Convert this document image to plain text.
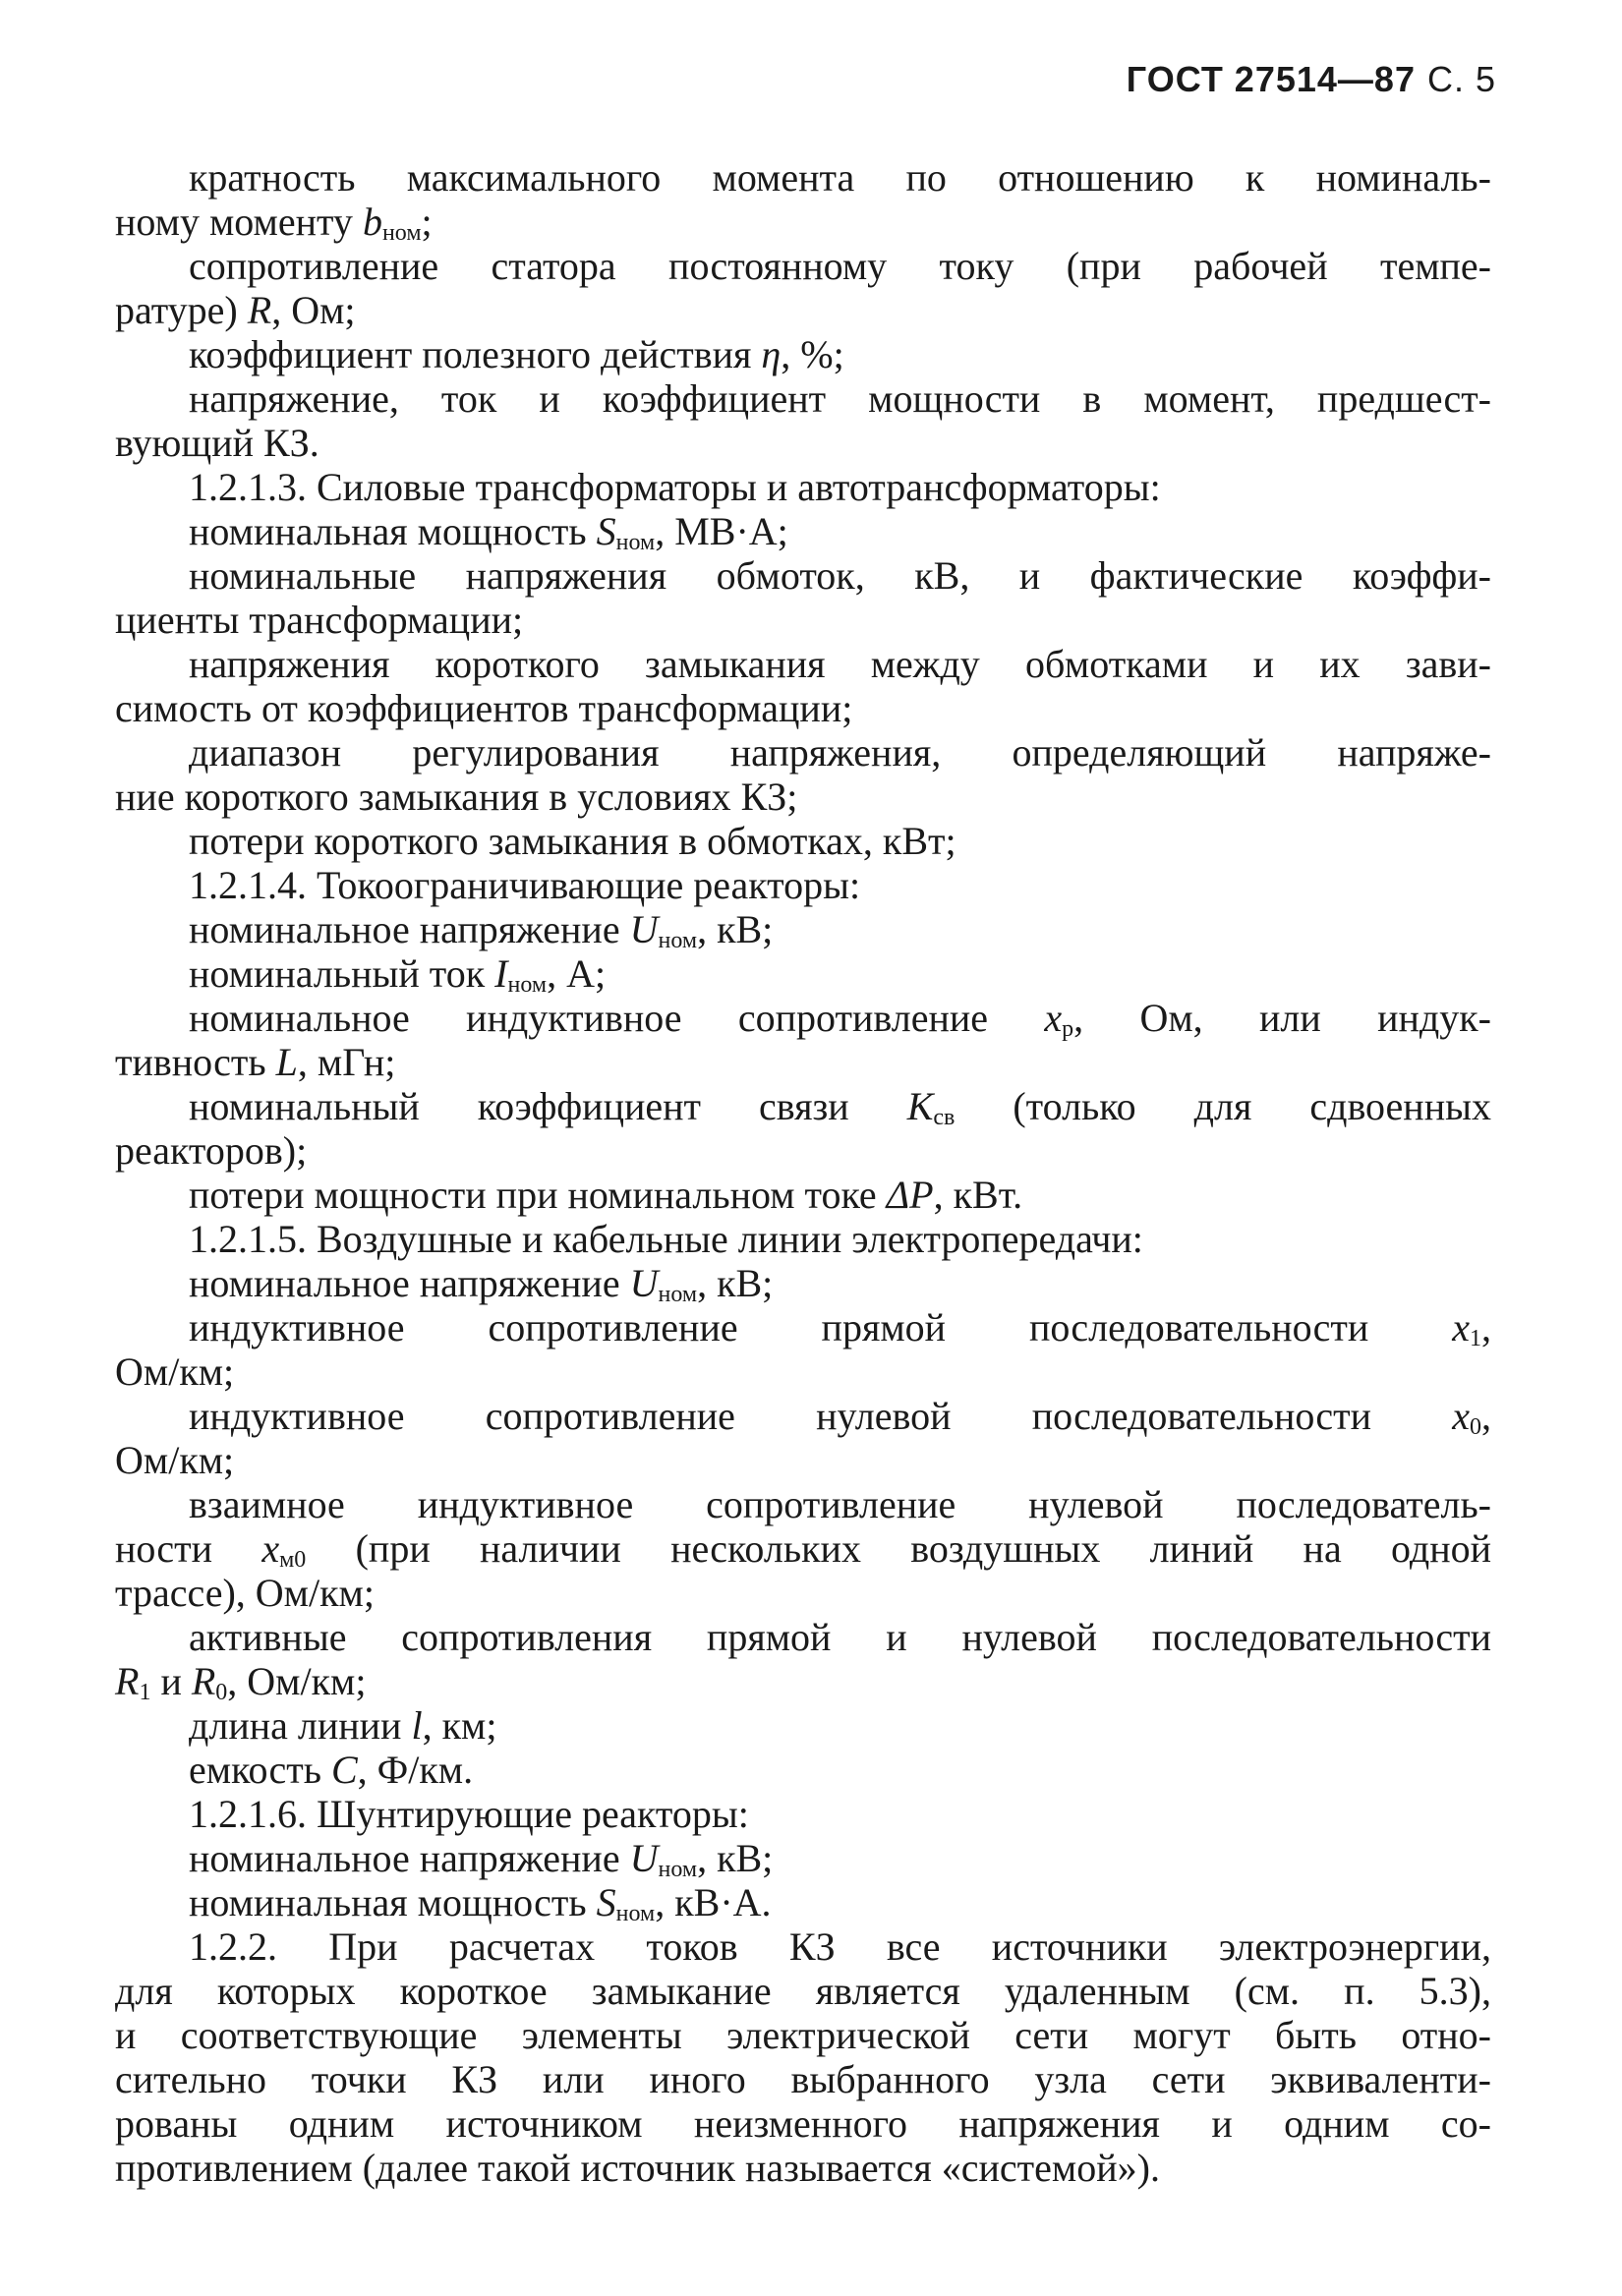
ГОСТ 27514—87 С. 5
кратность максимального момента по отношению к номиналь-
ному моменту $b_{ном}$;
сопротивление статора постоянному току (при рабочей темпе-
ратуре) R, Ом;
коэффициент полезного действия η, %;
напряжение, ток и коэффициент мощности в момент, предшест-
вующий КЗ.
1.2.1.3. Силовые трансформаторы и автотрансформаторы:
номинальная мощность $S_{ном}$, МВ·А;
номинальные напряжения обмоток, кВ, и фактические коэффи-
циенты трансформации;
напряжения короткого замыкания между обмотками и их зави-
симость от коэффициентов трансформации;
диапазон регулирования напряжения, определяющий напряже-
ние короткого замыкания в условиях КЗ;
потери короткого замыкания в обмотках, кВт;
1.2.1.4. Токоограничивающие реакторы:
номинальное напряжение $U_{ном}$, кВ;
номинальный ток $I_{ном}$, А;
номинальное индуктивное сопротивление $x_р$, Ом, или индук-
тивность L, мГн;
номинальный коэффициент связи $K_{св}$ (только для сдвоенных
реакторов);
потери мощности при номинальном токе ΔP, кВт.
1.2.1.5. Воздушные и кабельные линии электропередачи:
номинальное напряжение $U_{ном}$, кВ;
индуктивное сопротивление прямой последовательности $x_1$,
Ом/км;
индуктивное сопротивление нулевой последовательности $x_0$,
Ом/км;
взаимное индуктивное сопротивление нулевой последователь-
ности $x_{м0}$ (при наличии нескольких воздушных линий на одной
трассе), Ом/км;
активные сопротивления прямой и нулевой последовательности
$R_1$ и $R_0$, Ом/км;
длина линии l, км;
емкость C, Ф/км.
1.2.1.6. Шунтирующие реакторы:
номинальное напряжение $U_{ном}$, кВ;
номинальная мощность $S_{ном}$, кВ·А.
1.2.2. При расчетах токов КЗ все источники электроэнергии,
для которых короткое замыкание является удаленным (см. п. 5.3),
и соответствующие элементы электрической сети могут быть отно-
сительно точки КЗ или иного выбранного узла сети эквиваленти-
рованы одним источником неизменного напряжения и одним со-
противлением (далее такой источник называется «системой»).
